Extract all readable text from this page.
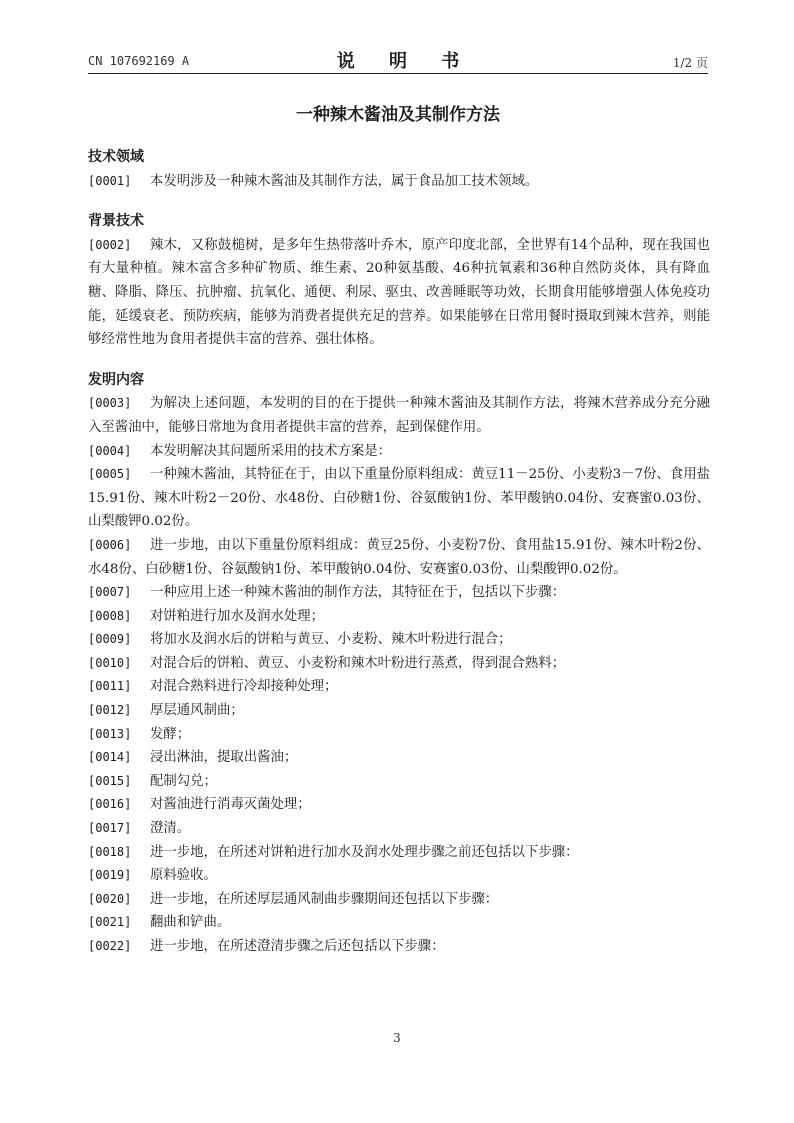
CN 107692169 A	说 明 书	1/2 页
一种辣木酱油及其制作方法
技术领域
[0001] 本发明涉及一种辣木酱油及其制作方法，属于食品加工技术领域。
背景技术
[0002] 辣木，又称鼓槌树，是多年生热带落叶乔木，原产印度北部，全世界有14个品种，现在我国也有大量种植。辣木富含多种矿物质、维生素、20种氨基酸、46种抗氧素和36种自然防炎体，具有降血糖、降脂、降压、抗肿瘤、抗氧化、通便、利尿、驱虫、改善睡眠等功效，长期食用能够增强人体免疫功能，延缓衰老、预防疾病，能够为消费者提供充足的营养。如果能够在日常用餐时摄取到辣木营养，则能够经常性地为食用者提供丰富的营养、强壮体格。
发明内容
[0003] 为解决上述问题，本发明的目的在于提供一种辣木酱油及其制作方法，将辣木营养成分充分融入至酱油中，能够日常地为食用者提供丰富的营养，起到保健作用。
[0004] 本发明解决其问题所采用的技术方案是：
[0005] 一种辣木酱油，其特征在于，由以下重量份原料组成：黄豆11－25份、小麦粉3－7份、食用盐15.91份、辣木叶粉2－20份、水48份、白砂糖1份、谷氨酸钠1份、苯甲酸钠0.04份、安赛蜜0.03份、山梨酸钾0.02份。
[0006] 进一步地，由以下重量份原料组成：黄豆25份、小麦粉7份、食用盐15.91份、辣木叶粉2份、水48份、白砂糖1份、谷氨酸钠1份、苯甲酸钠0.04份、安赛蜜0.03份、山梨酸钾0.02份。
[0007] 一种应用上述一种辣木酱油的制作方法，其特征在于，包括以下步骤：
[0008] 对饼粕进行加水及润水处理；
[0009] 将加水及润水后的饼粕与黄豆、小麦粉、辣木叶粉进行混合；
[0010] 对混合后的饼粕、黄豆、小麦粉和辣木叶粉进行蒸煮，得到混合熟料；
[0011] 对混合熟料进行冷却接种处理；
[0012] 厚层通风制曲；
[0013] 发酵；
[0014] 浸出淋油，提取出酱油；
[0015] 配制勾兑；
[0016] 对酱油进行消毒灭菌处理；
[0017] 澄清。
[0018] 进一步地，在所述对饼粕进行加水及润水处理步骤之前还包括以下步骤：
[0019] 原料验收。
[0020] 进一步地，在所述厚层通风制曲步骤期间还包括以下步骤：
[0021] 翻曲和铲曲。
[0022] 进一步地，在所述澄清步骤之后还包括以下步骤：
3
